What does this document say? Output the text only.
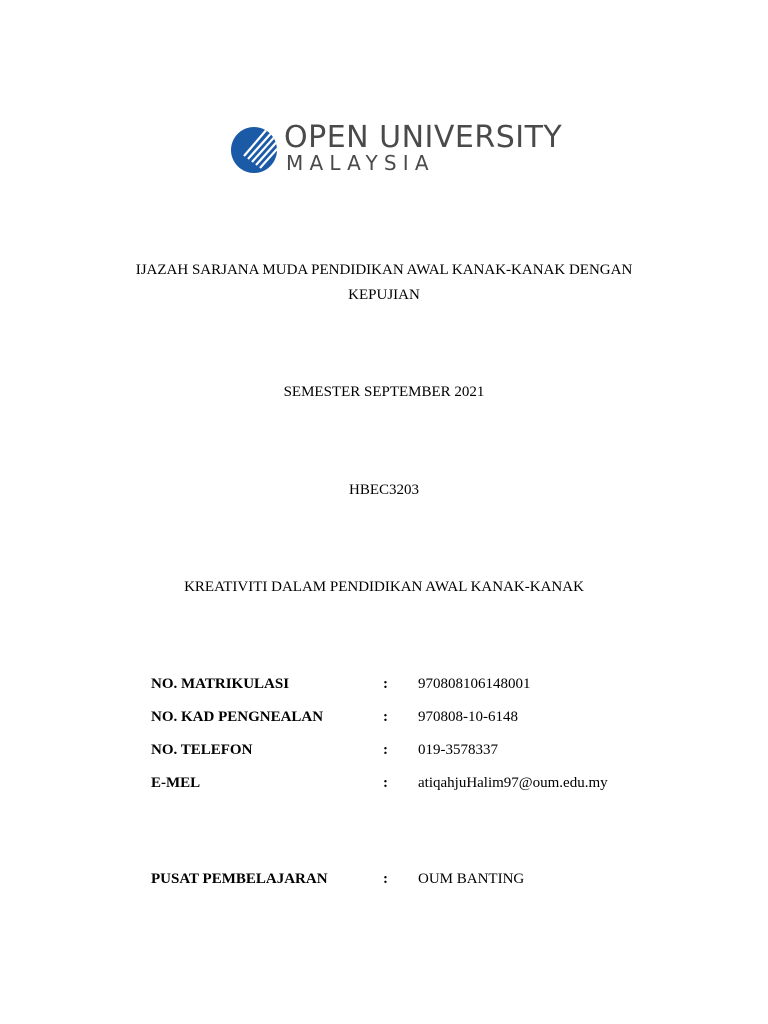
OPEN UNIVERSITY
MALAYSIA
IJAZAH SARJANA MUDA PENDIDIKAN AWAL KANAK-KANAK DENGAN
KEPUJIAN
SEMESTER SEPTEMBER 2021
HBEC3203
KREATIVITI DALAM PENDIDIKAN AWAL KANAK-KANAK
NO. MATRIKULASI	: 970808106148001
NO. KAD PENGNEALAN	: 970808-10-6148
NO. TELEFON	: 019-3578337
E-MEL	: atiqahjuHalim97@oum.edu.my
PUSAT PEMBELAJARAN	: OUM BANTING
